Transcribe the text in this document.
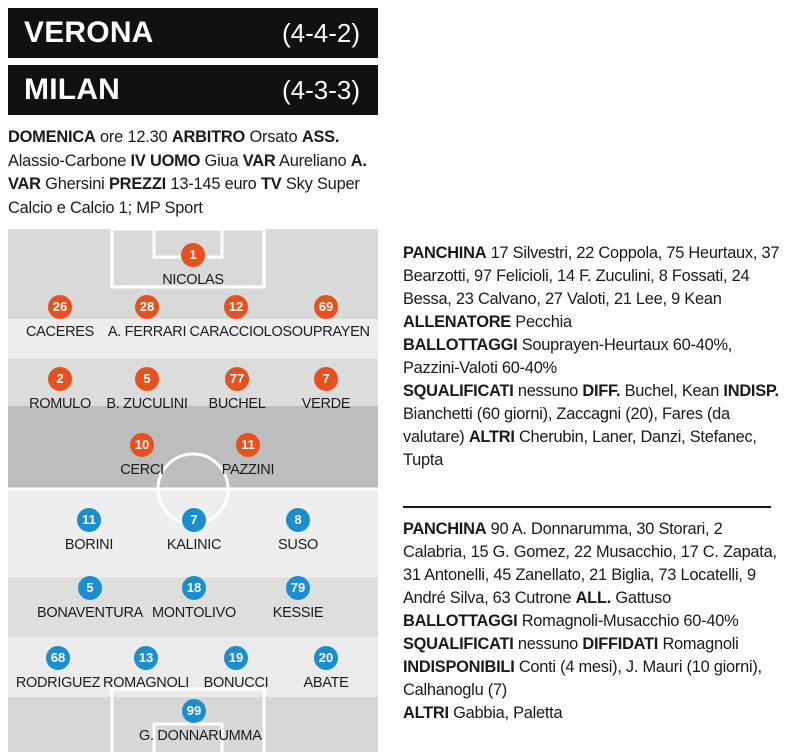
VERONA	(4-4-2)
MILAN	(4-3-3)
DOMENICA ore 12.30 ARBITRO Orsato ASS. Alassio-Carbone IV UOMO Giua VAR Aureliano A. VAR Ghersini PREZZI 13-145 euro TV Sky Super Calcio e Calcio 1; MP Sport
1
NICOLAS
26
CACERES
28
A. FERRARI
12
CARACCIOLO
69
SOUPRAYEN
2
ROMULO
5
B. ZUCULINI
77
BUCHEL
7
VERDE
10
CERCI
11
PAZZINI
11
BORINI
7
KALINIC
8
SUSO
5
BONAVENTURA
18
MONTOLIVO
79
KESSIE
68
RODRIGUEZ
13
ROMAGNOLI
19
BONUCCI
20
ABATE
99
G. DONNARUMMA
PANCHINA 17 Silvestri, 22 Coppola, 75 Heurtaux, 37 Bearzotti, 97 Felicioli, 14 F. Zuculini, 8 Fossati, 24 Bessa, 23 Calvano, 27 Valoti, 21 Lee, 9 Kean
ALLENATORE Pecchia
BALLOTTAGGI Souprayen-Heurtaux 60-40%, Pazzini-Valoti 60-40%
SQUALIFICATI nessuno DIFF. Buchel, Kean INDISP. Bianchetti (60 giorni), Zaccagni (20), Fares (da valutare) ALTRI Cherubin, Laner, Danzi, Stefanec, Tupta
PANCHINA 90 A. Donnarumma, 30 Storari, 2 Calabria, 15 G. Gomez, 22 Musacchio, 17 C. Zapata, 31 Antonelli, 45 Zanellato, 21 Biglia, 73 Locatelli, 9 André Silva, 63 Cutrone ALL. Gattuso
BALLOTTAGGI Romagnoli-Musacchio 60-40% SQUALIFICATI nessuno DIFFIDATI Romagnoli INDISPONIBILI Conti (4 mesi), J. Mauri (10 giorni), Calhanoglu (7)
ALTRI Gabbia, Paletta
